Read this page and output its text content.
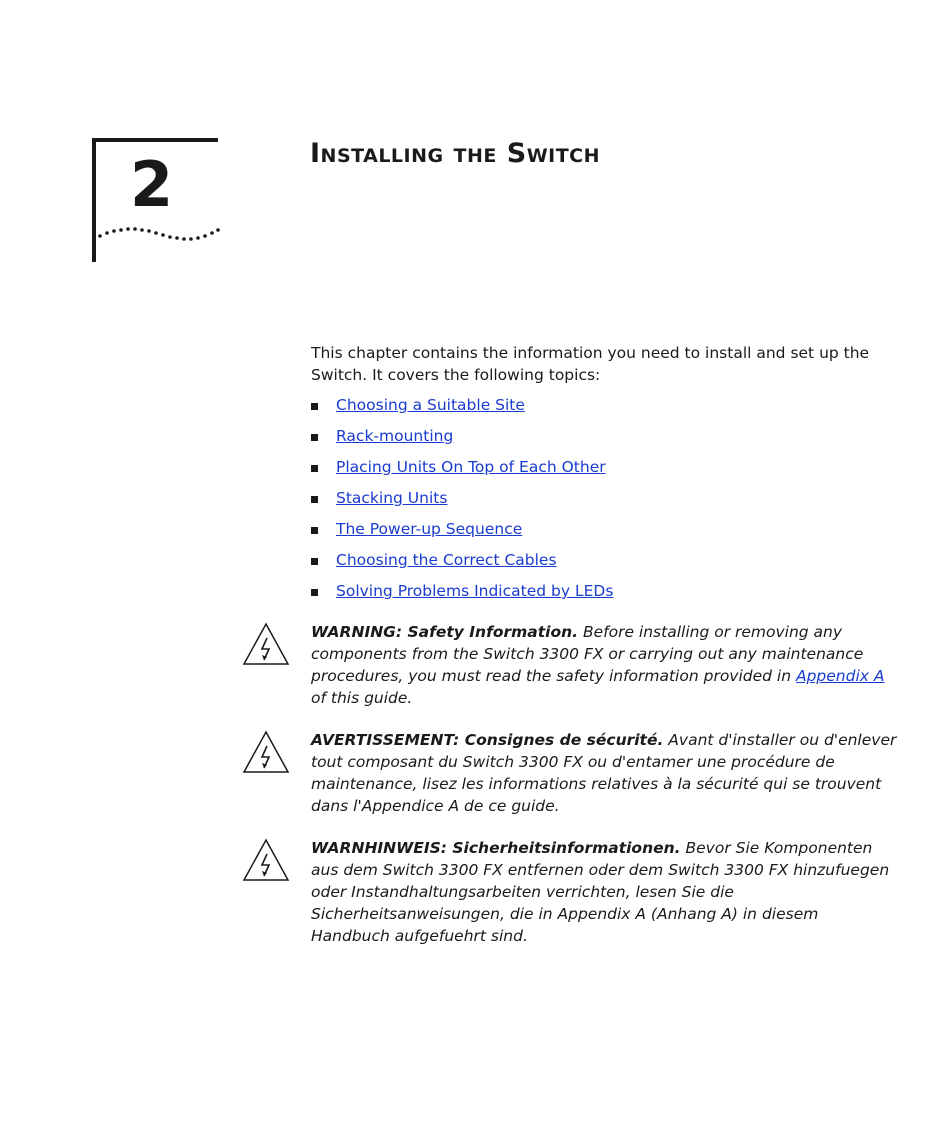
2	Installing the Switch

This chapter contains the information you need to install and set up the Switch. It covers the following topics:

Choosing a Suitable Site
Rack-mounting
Placing Units On Top of Each Other
Stacking Units
The Power-up Sequence
Choosing the Correct Cables
Solving Problems Indicated by LEDs
WARNING: Safety Information. Before installing or removing any components from the Switch 3300 FX or carrying out any maintenance procedures, you must read the safety information provided in Appendix A of this guide.
AVERTISSEMENT: Consignes de sécurité. Avant d'installer ou d'enlever tout composant du Switch 3300 FX ou d'entamer une procédure de maintenance, lisez les informations relatives à la sécurité qui se trouvent dans l'Appendice A de ce guide.
WARNHINWEIS: Sicherheitsinformationen. Bevor Sie Komponenten aus dem Switch 3300 FX entfernen oder dem Switch 3300 FX hinzufuegen oder Instandhaltungsarbeiten verrichten, lesen Sie die Sicherheitsanweisungen, die in Appendix A (Anhang A) in diesem Handbuch aufgefuehrt sind.
